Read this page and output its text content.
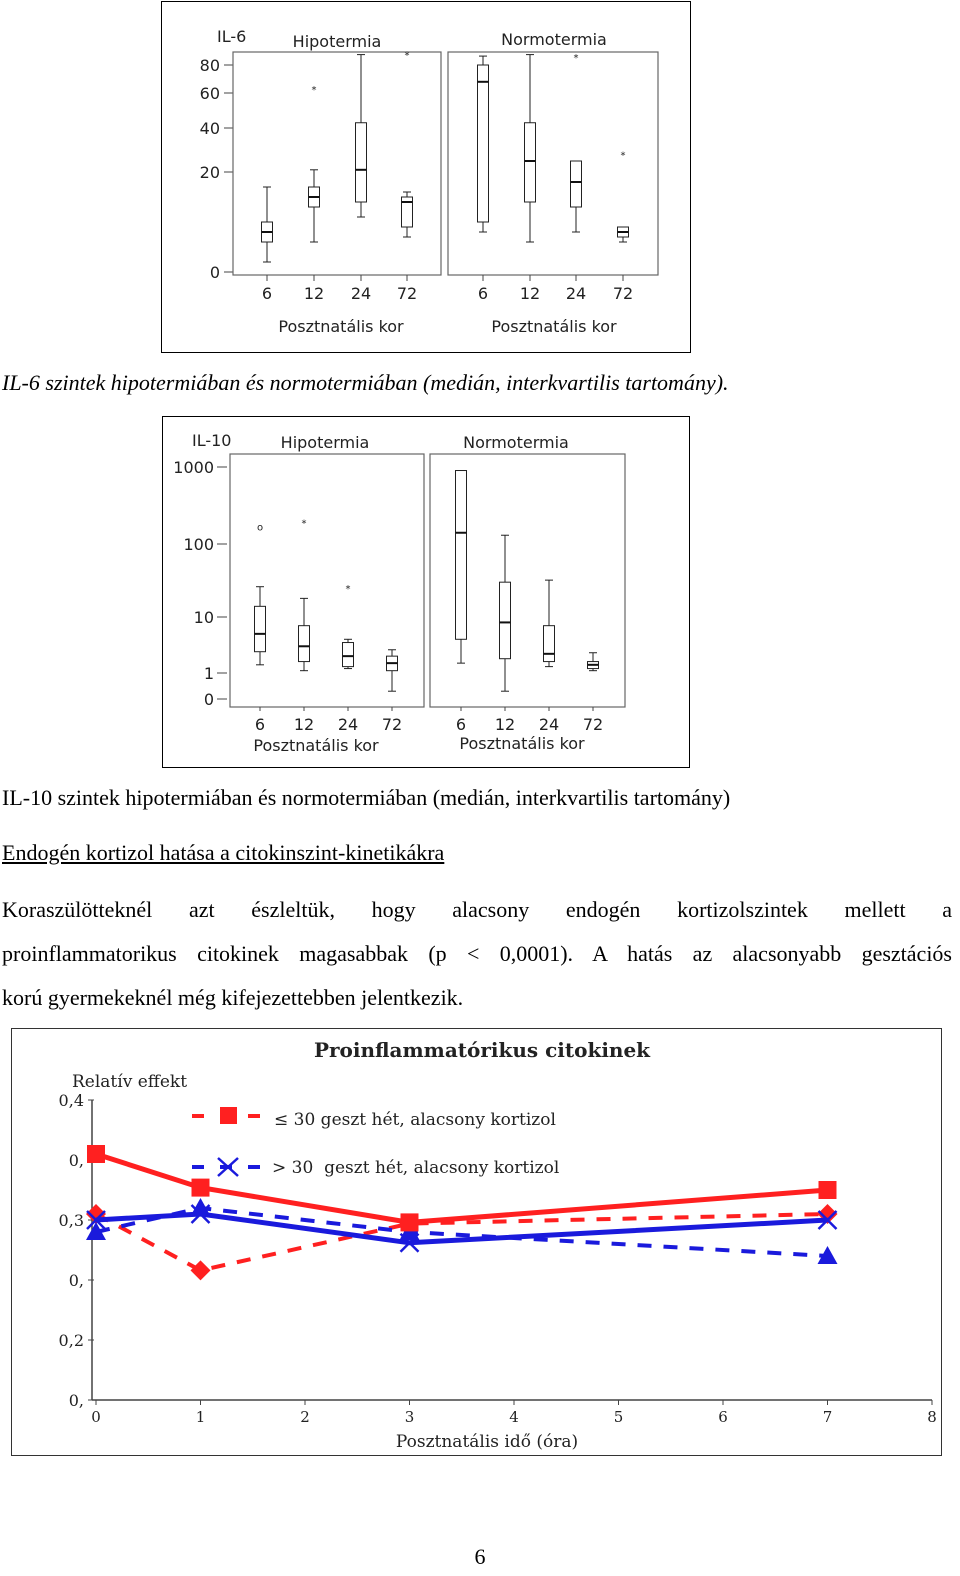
IL-6
80
60
40
20
0
Hipotermia	Normotermia
*
*	*
*
6 12 24 72	6 12 24 72
Posztnatális kor	Posztnatális kor
IL-6 szintek hipotermiában és normotermiában (medián, interkvartilis tartomány).
IL-10
1000
100
10
1
0
Hipotermia	Normotermia
o	*
*
6 12 24 72	6 12 24 72
Posztnatális kor	Posztnatális kor
IL-10 szintek hipotermiában és normotermiában (medián, interkvartilis tartomány)
Endogén kortizol hatása a citokinszint-kinetikákra
Koraszülötteknél azt észleltük, hogy alacsony endogén kortizolszintek mellett a
proinflammatorikus citokinek magasabbak (p < 0,0001). A hatás az alacsonyabb gesztációs
korú gyermekeknél még kifejezettebben jelentkezik.
Proinflammatórikus citokinek
Relatív effekt
Posztnatális idő (óra)
0,4
0,
0,3
0,
0,2
0,
0	1	2	3	4	5	6	7	8
≤ 30 geszt hét, alacsony kortizol
> 30  geszt hét, alacsony kortizol
6
